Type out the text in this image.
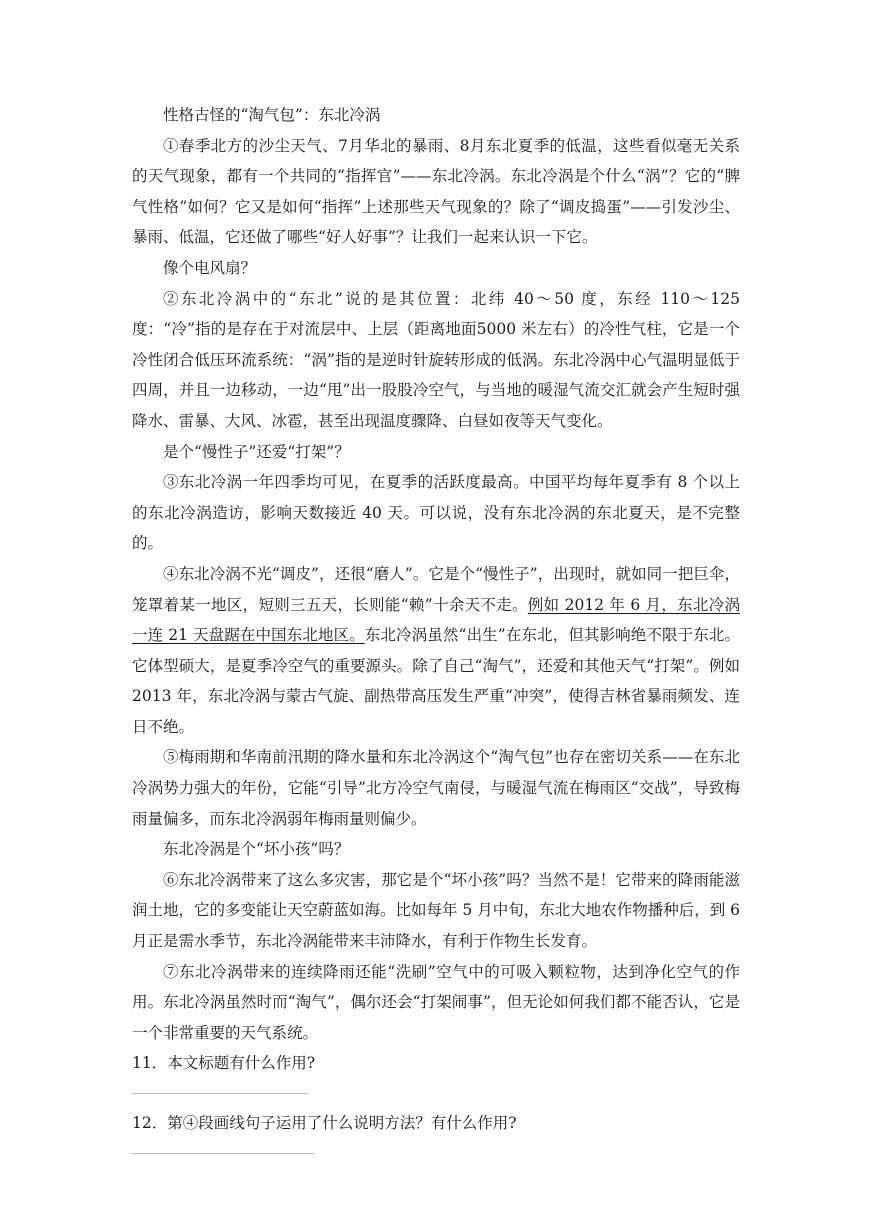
性格古怪的“淘气包”：东北冷涡

①春季北方的沙尘天气、7月华北的暴雨、8月东北夏季的低温，这些看似毫无关系的天气现象，都有一个共同的“指挥官”——东北冷涡。东北冷涡是个什么“涡”？它的“脾气性格”如何？它又是如何“指挥”上述那些天气现象的？除了“调皮捣蛋”——引发沙尘、暴雨、低温，它还做了哪些“好人好事”？让我们一起来认识一下它。

像个电风扇？

②东北冷涡中的“东北”说的是其位置：北纬 40～50 度，东经 110～125 度：“冷”指的是存在于对流层中、上层（距离地面5000 米左右）的冷性气柱，它是一个冷性闭合低压环流系统：“涡”指的是逆时针旋转形成的低涡。东北冷涡中心气温明显低于四周，并且一边移动，一边“甩”出一股股冷空气，与当地的暖湿气流交汇就会产生短时强降水、雷暴、大风、冰雹，甚至出现温度骤降、白昼如夜等天气变化。

是个“慢性子”还爱“打架”？

③东北冷涡一年四季均可见，在夏季的活跃度最高。中国平均每年夏季有 8 个以上的东北冷涡造访，影响天数接近 40 天。可以说，没有东北冷涡的东北夏天，是不完整的。

④东北冷涡不光“调皮”，还很“磨人”。它是个“慢性子”，出现时，就如同一把巨伞，笼罩着某一地区，短则三五天，长则能“赖”十余天不走。例如 2012 年 6 月，东北冷涡一连 21 天盘踞在中国东北地区。东北冷涡虽然“出生”在东北，但其影响绝不限于东北。它体型硕大，是夏季冷空气的重要源头。除了自己“淘气”，还爱和其他天气“打架”。例如 2013 年，东北冷涡与蒙古气旋、副热带高压发生严重“冲突”，使得吉林省暴雨频发、连日不绝。

⑤梅雨期和华南前汛期的降水量和东北冷涡这个“淘气包”也存在密切关系——在东北冷涡势力强大的年份，它能“引导”北方冷空气南侵，与暖湿气流在梅雨区“交战”，导致梅雨量偏多，而东北冷涡弱年梅雨量则偏少。

东北冷涡是个“坏小孩”吗？

⑥东北冷涡带来了这么多灾害，那它是个“坏小孩”吗？当然不是！它带来的降雨能滋润土地，它的多变能让天空蔚蓝如海。比如每年 5 月中旬，东北大地农作物播种后，到 6 月正是需水季节，东北冷涡能带来丰沛降水，有利于作物生长发育。

⑦东北冷涡带来的连续降雨还能“洗刷”空气中的可吸入颗粒物，达到净化空气的作用。东北冷涡虽然时而“淘气”，偶尔还会“打架闹事”，但无论如何我们都不能否认，它是一个非常重要的天气系统。

11．本文标题有什么作用?

12．第④段画线句子运用了什么说明方法？有什么作用?
